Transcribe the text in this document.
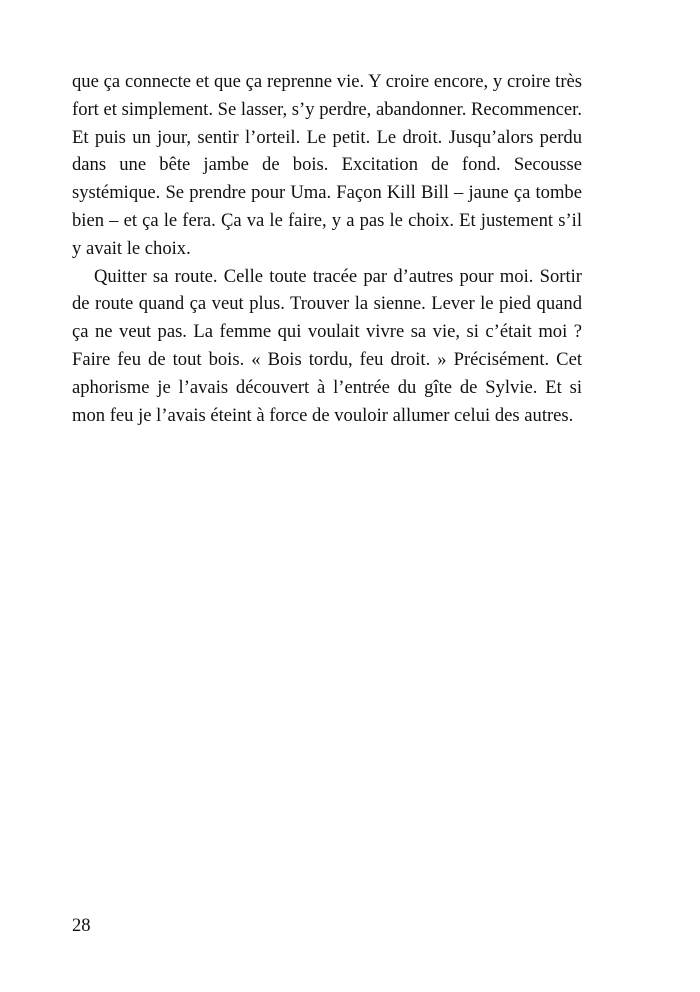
que ça connecte et que ça reprenne vie. Y croire encore, y croire très fort et simplement. Se lasser, s’y perdre, abandonner. Recommencer. Et puis un jour, sentir l’orteil. Le petit. Le droit. Jusqu’alors perdu dans une bête jambe de bois. Excitation de fond. Secousse systémique. Se prendre pour Uma. Façon Kill Bill – jaune ça tombe bien – et ça le fera. Ça va le faire, y a pas le choix. Et justement s’il y avait le choix.

Quitter sa route. Celle toute tracée par d’autres pour moi. Sortir de route quand ça veut plus. Trouver la sienne. Lever le pied quand ça ne veut pas. La femme qui voulait vivre sa vie, si c’était moi ? Faire feu de tout bois. « Bois tordu, feu droit. » Précisément. Cet aphorisme je l’avais découvert à l’entrée du gîte de Sylvie. Et si mon feu je l’avais éteint à force de vouloir allumer celui des autres.

28
